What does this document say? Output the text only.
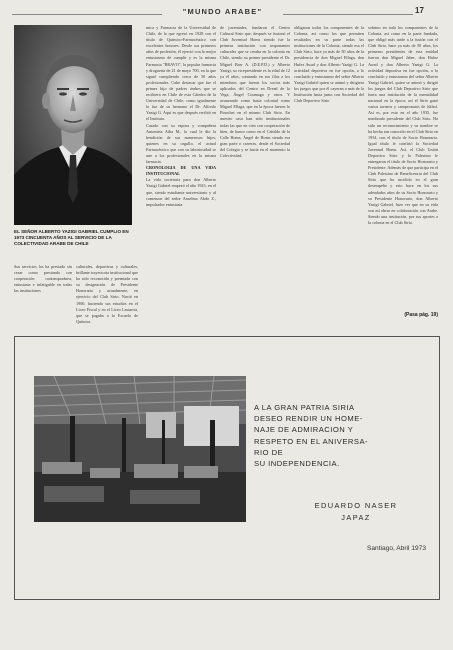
"MUNDO ARABE"	17
EL SEÑOR ALBERTO YAZIGI GABRIEL CUMPLIO EN 1973 CINCUENTA AÑOS AL SERVICIO DE LA COLECTIVIDAD ARABE DE CHILE

Sus servicios los ha prestado sin cesar como prestando con cooperación contemporánea, entusiasta e infatigable en todas las instituciones

culturales, deportivas y culturales, brillante trayectoria institucional que ha sido reconocida y premiada con su designación de Presidente Honorario y actualmente, en ejercicio del Club Sirio. Nació en 1900, haciendo sus estudios en el Liceo Fiscal y en el Liceo Lastarria, que se pagaba a la Escuela de Química

mica y Farmacia de la Universidad de Chile, de la que egresó en 1928 con el título de Químico-Farmacéutico con excelentes honores. Desde sus primeros años de profesión, él ejerció con lo mejor entusiasmo de cumplir y es la misma Farmacia "BRAVO", la popular farmacia y droguería de 21 de mayo 700, en la que siguió cumpliendo cerca de 50 años profesionales. Cabe destacar que fue el primer hijo de padres árabes que se recibiera en Chile de esta Cátedra de la Universidad de Chile, como igualmente lo fue de su hermano el Dr. Alfredo Yazigi G. Aquí es que después recibió en el Instituto.

Casado con su esposa y compañera Antonieta Aiba M., lo cual le dio la bendición de sus numerosos hijos, quienes en su orgullo, el actual Farmacéutico que con su laboriosidad se une a los profesionales en la misma farmacia.

CRONOLOGIA DE UNA VIDA INSTITUCIONAL

La vida societaria para don Alberto Yazigi Gabriel empezó el año 1923, en el que, siendo estudiante universitario y al comenzar del señor Anselmo Abdo Z., impulsador entusiasta

de juventudes, fundaron el Centro Cultural Sirio que, después se fusionó el Club Juventud Homs siendo fue la primera institución con importantes culturales que se creaba en la colonia en Chile, siendo su primer presidente el Dr. Miguel Barr A. (D.E.P.D.) y Alberto Yazigi, su vicepresidente es la edad de 12 ya él años, contando en sus filas a los miembros que fueron los socios más aplicados del Centro en Dread de la Vega, Ángel Coumaga y otros. Y avanzando como hasta colonial como Miguel Ellaga, que en la época fueron lo Pinochet en el mismo Club Sirio. En nuestro caso han sido institucionales todas las que en cien con cooperación de bien, de honor como en el Cabildo de la Calle Homs, Ángel de Homs siendo esa gran parte o carreras, desde el Sociedad del Colegio y se hacía en el momento la Colectividad.

obligaron todos los componentes de la Colonia, así como los que permiten resultados en su parte todas las instituciones de la Colonia, siendo esa el Club Sirio, hace ya más de 50 años de la presidencia de don Miguel Ellaga, don Hufez Awad y don Alberto Yazigi G. La actividad deportiva en fue opción, a lo concluido y entusiasmo del señor Alberto Yazigi Gabriel quien se animó y dirigiera los juegos que por él cayeran a más de la Institución hasta junto con Sociedad del Club Deportivo Sirio

sobrino en toda los componentes de la Colonia, así como en la parte fundada, que obligó más tarde a la fusión con el Club Sirio, hace ya más de 50 años, los primeros presidentes de esta entidad fueron don Miguel Jaber, don Hufez Awad y don Alberto Yazigi G. La actividad deportiva en fue opción, a lo concluido y entusiasmo del señor Alberto Yazigi Gabriel, quien se animó y dirigió los juegos del Club Deportivo Sirio que fuera una institución de la mentalidad nacional en la época; así el Sirio ganó varios torneos y campeonatos de fútbol. Así es, por esto en el año 1935, fue nombrado presidente del Club Sirio. Ha sido un reconocimiento y su nombre se ha hecho tan conocido en el Club Sirio en 1954, con el título de Socio Honorario. Igual título le confirió la Sociedad Juventud Homs. Así, el Club Unión Deportivo Sirio y lo Palestino le entregaron el título de Socio Honorario y Presidente. Además de que participa en el Club Palestino de Beneficencia del Club Sirio que ha incidido en el gran desempeño y esto hace en los sus adeudados años de su Socio Honorario y su Presidente Honorario, don Alberto Yazigi Gabriel, hizo ver que en su vida son así obras en colaboración con Arabe. Siendo una institución, por sus aportes a la colonia en el Club Sirio.

(Pasa pág. 19)
A LA GRAN PATRIA SIRIA
DESEO RENDIR UN HOME-
NAJE DE ADMIRACION Y
RESPETO EN EL ANIVERSA-
RIO DE
SU INDEPENDENCIA.
EDUARDO NASER
JAPAZ
Santiago, Abril 1973
